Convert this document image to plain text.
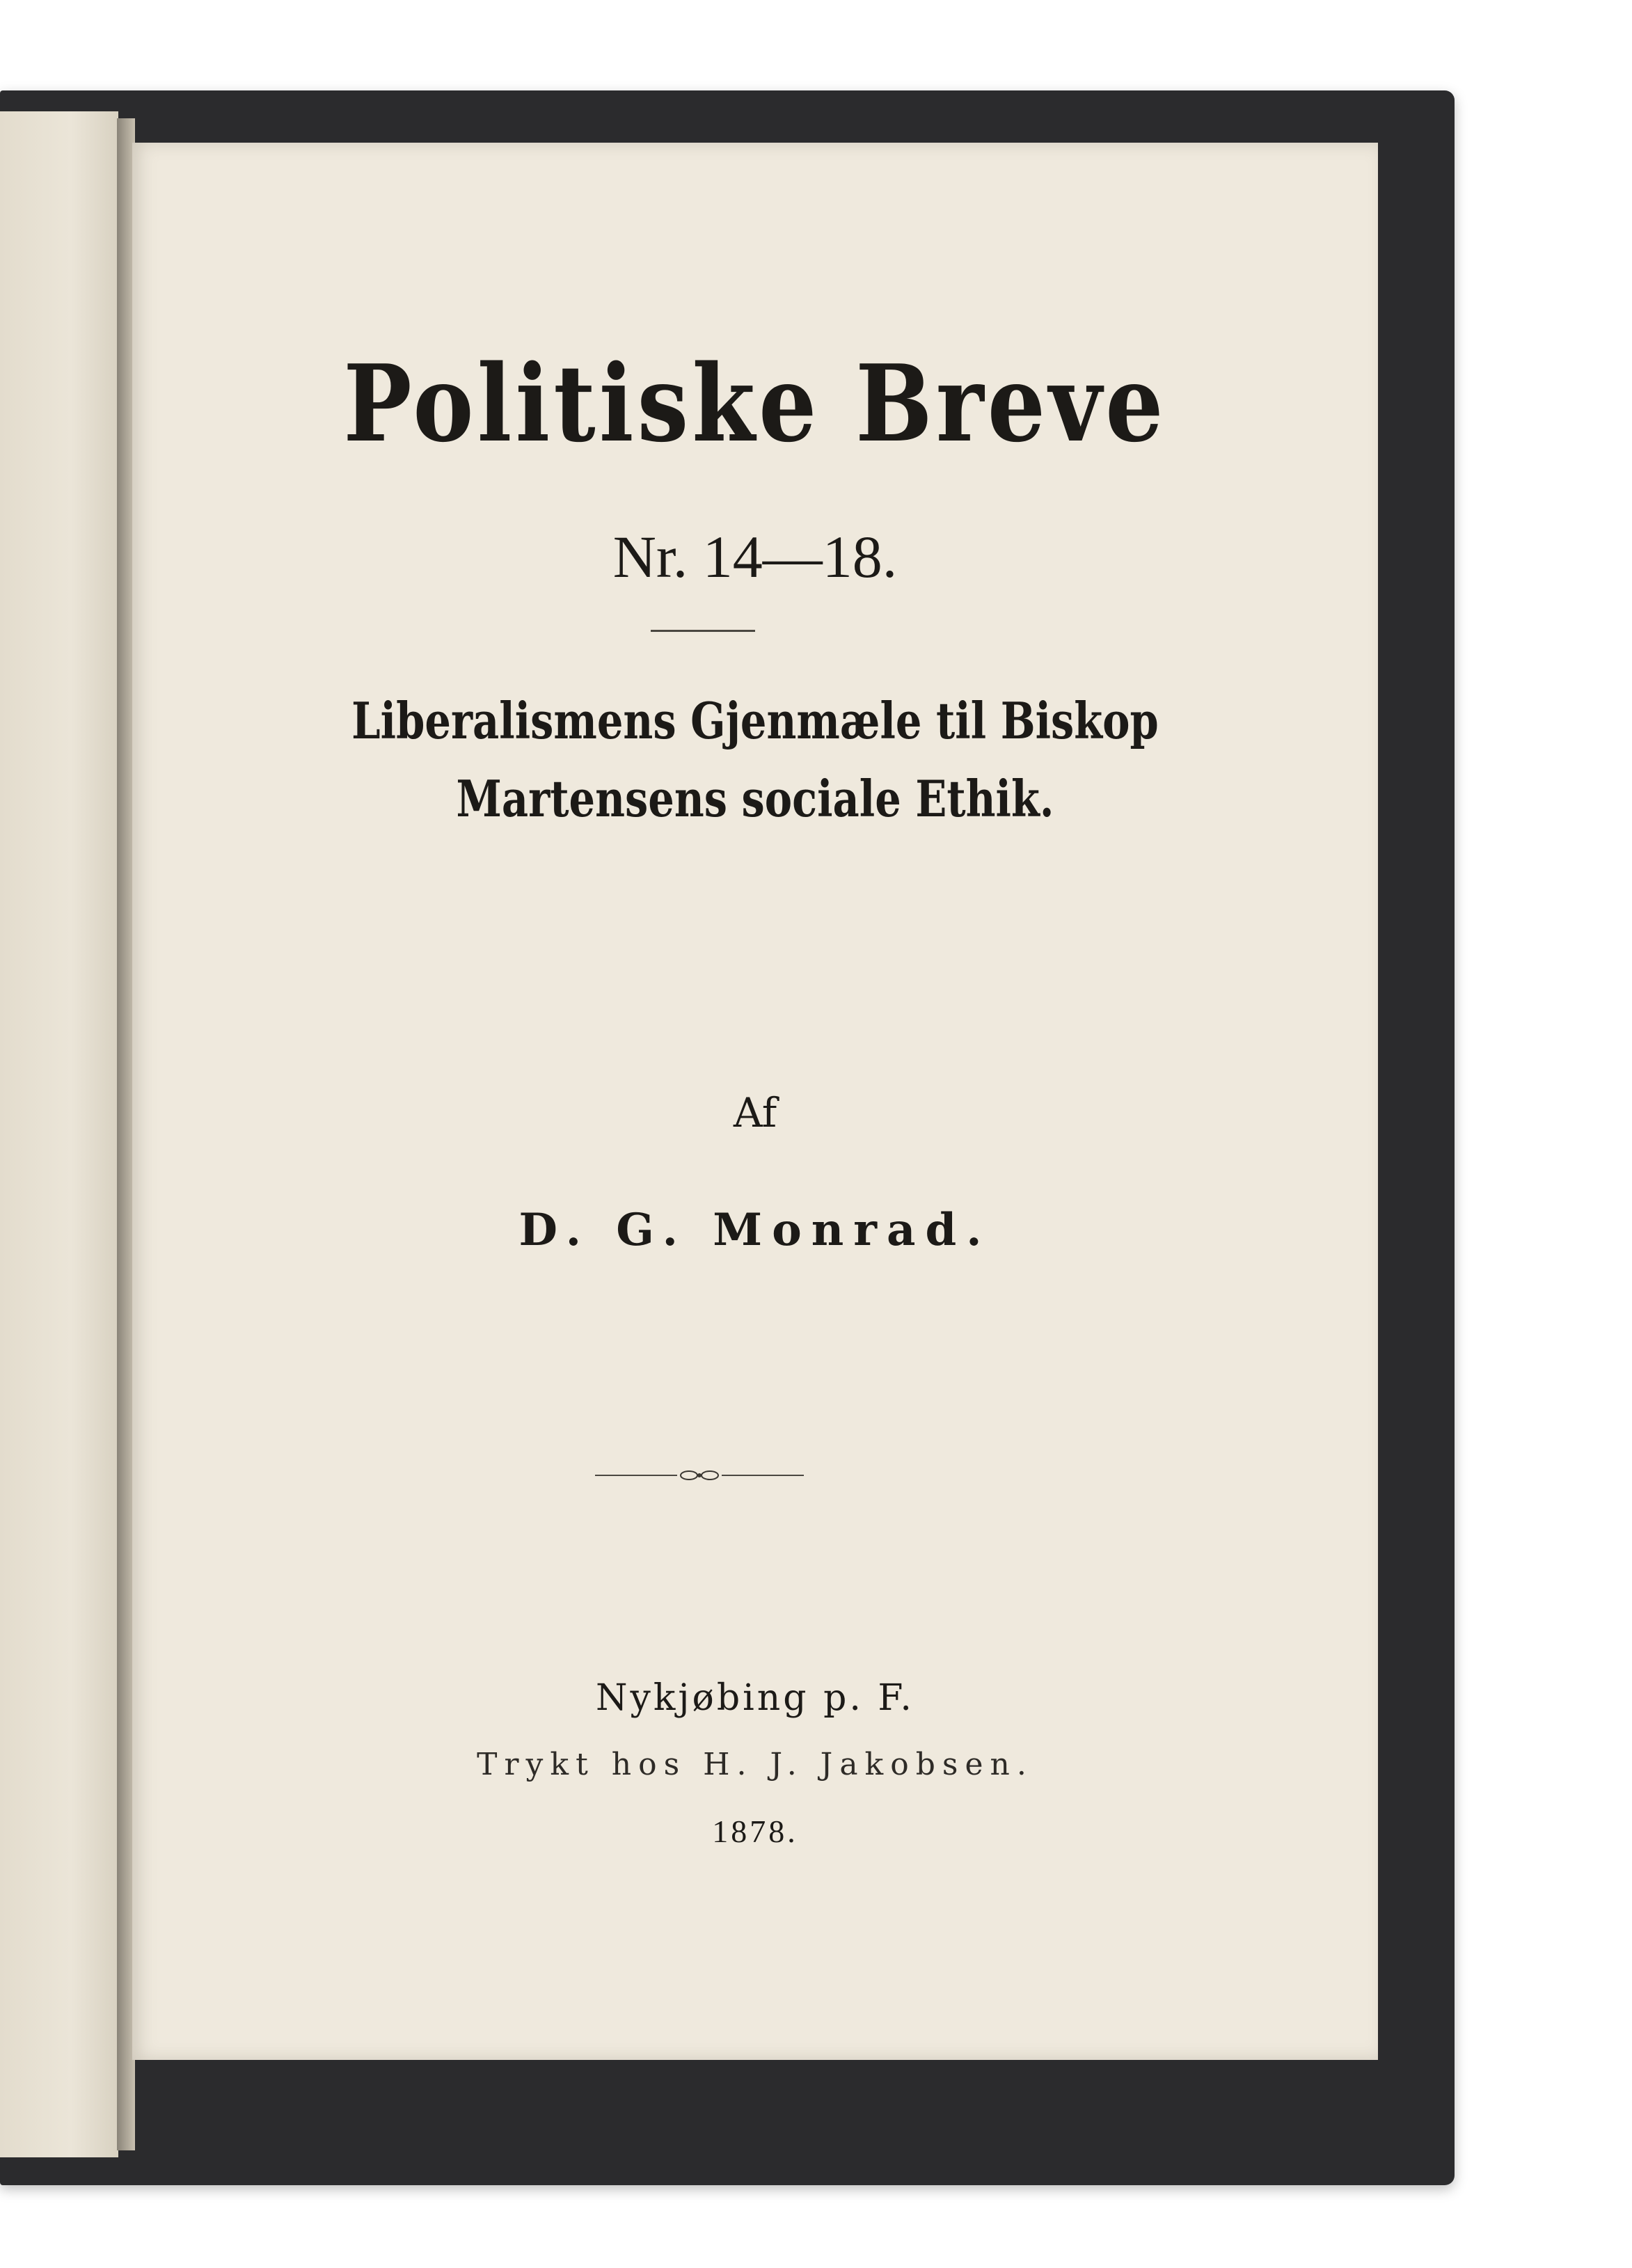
Politiske Breve
Nr. 14—18.
Liberalismens Gjenmæle til Biskop
Martensens sociale Ethik.
Af
D. G. Monrad.
Nykjøbing p. F.
Trykt hos H. J. Jakobsen.
1878.
